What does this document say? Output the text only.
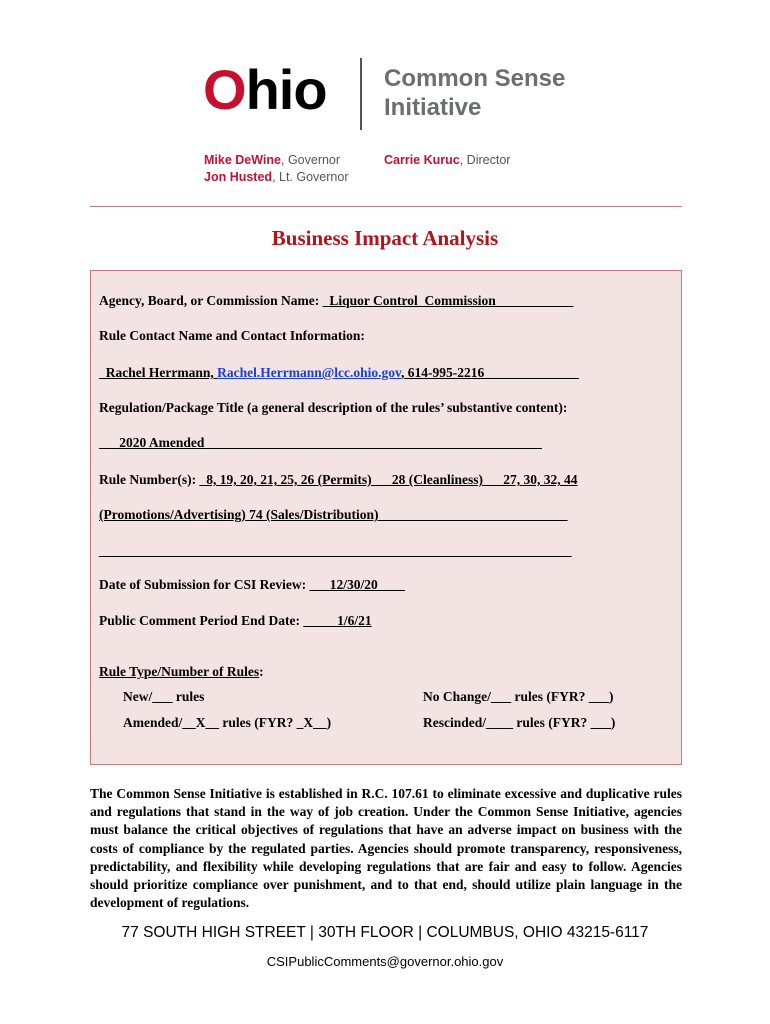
Ohio Common Sense
Initiative
Mike DeWine, Governor
Jon Husted, Lt. Governor
Carrie Kuruc, Director
Business Impact Analysis
Agency, Board, or Commission Name: _Liquor Control_Commission_____ ______
Rule Contact Name and Contact Information:
_Rachel Herrmann, Rachel.Herrmann@lcc.ohio.gov, 614-995-2216______________
Regulation/Package Title (a general description of the rules’ substantive content):
___2020 Amended__________________________________________________
Rule Number(s): _8, 19, 20, 21, 25, 26 (Permits)___28 (Cleanliness)___27, 30, 32, 44
(Promotions/Advertising) 74 (Sales/Distribution)____________________________
______________________________________________________________________
Date of Submission for CSI Review: ___12/30/20____
Public Comment Period End Date: _____1/6/21
Rule Type/Number of Rules:
New/___ rules	No Change/___ rules (FYR? ___)
Amended/__X__ rules (FYR? _X__)	Rescinded/____ rules (FYR? ___)
The Common Sense Initiative is established in R.C. 107.61 to eliminate excessive and duplicative rules and regulations that stand in the way of job creation. Under the Common Sense Initiative, agencies must balance the critical objectives of regulations that have an adverse impact on business with the costs of compliance by the regulated parties. Agencies should promote transparency, responsiveness, predictability, and flexibility while developing regulations that are fair and easy to follow. Agencies should prioritize compliance over punishment, and to that end, should utilize plain language in the development of regulations.
77 SOUTH HIGH STREET | 30TH FLOOR | COLUMBUS, OHIO 43215-6117
CSIPublicComments@governor.ohio.gov
